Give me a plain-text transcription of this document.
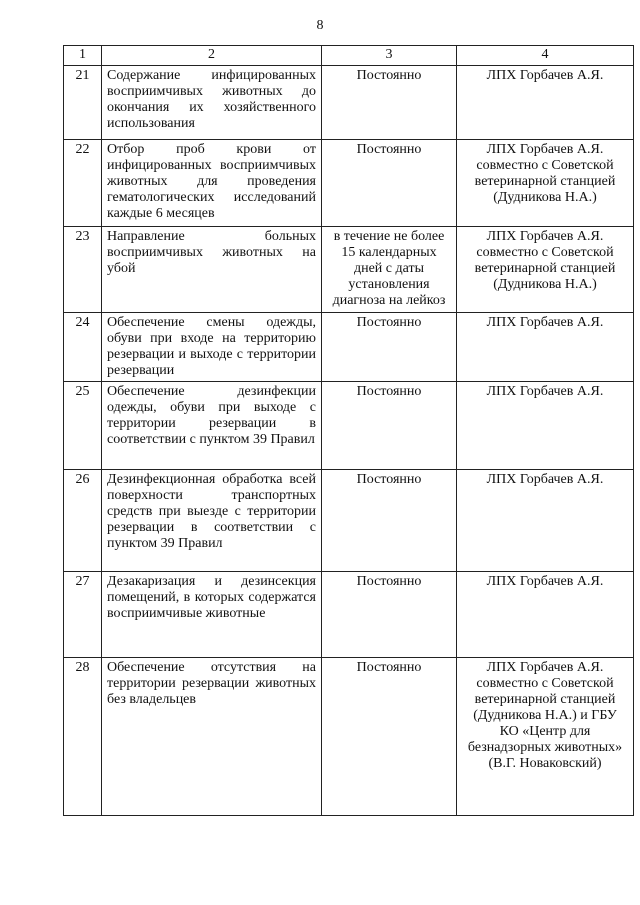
8
1	2	3	4
21	Содержание инфицированных восприимчивых животных до окончания их хозяйственного использования	Постоянно	ЛПХ Горбачев А.Я.
22	Отбор проб крови от инфицированных восприимчивых животных для проведения гематологических исследований каждые 6 месяцев	Постоянно	ЛПХ Горбачев А.Я. совместно с Советской ветеринарной станцией (Дудникова Н.А.)
23	Направление больных восприимчивых животных на убой	в течение не более 15 календарных дней с даты установления диагноза на лейкоз	ЛПХ Горбачев А.Я. совместно с Советской ветеринарной станцией (Дудникова Н.А.)
24	Обеспечение смены одежды, обуви при входе на территорию резервации и выходе с территории резервации	Постоянно	ЛПХ Горбачев А.Я.
25	Обеспечение дезинфекции одежды, обуви при выходе с территории резервации в соответствии с пунктом 39 Правил	Постоянно	ЛПХ Горбачев А.Я.
26	Дезинфекционная обработка всей поверхности транспортных средств при выезде с территории резервации в соответствии с пунктом 39 Правил	Постоянно	ЛПХ Горбачев А.Я.
27	Дезакаризация и дезинсекция помещений, в которых содержатся восприимчивые животные	Постоянно	ЛПХ Горбачев А.Я.
28	Обеспечение отсутствия на территории резервации животных без владельцев	Постоянно	ЛПХ Горбачев А.Я. совместно с Советской ветеринарной станцией (Дудникова Н.А.) и ГБУ КО «Центр для безнадзорных животных» (В.Г. Новаковский)
